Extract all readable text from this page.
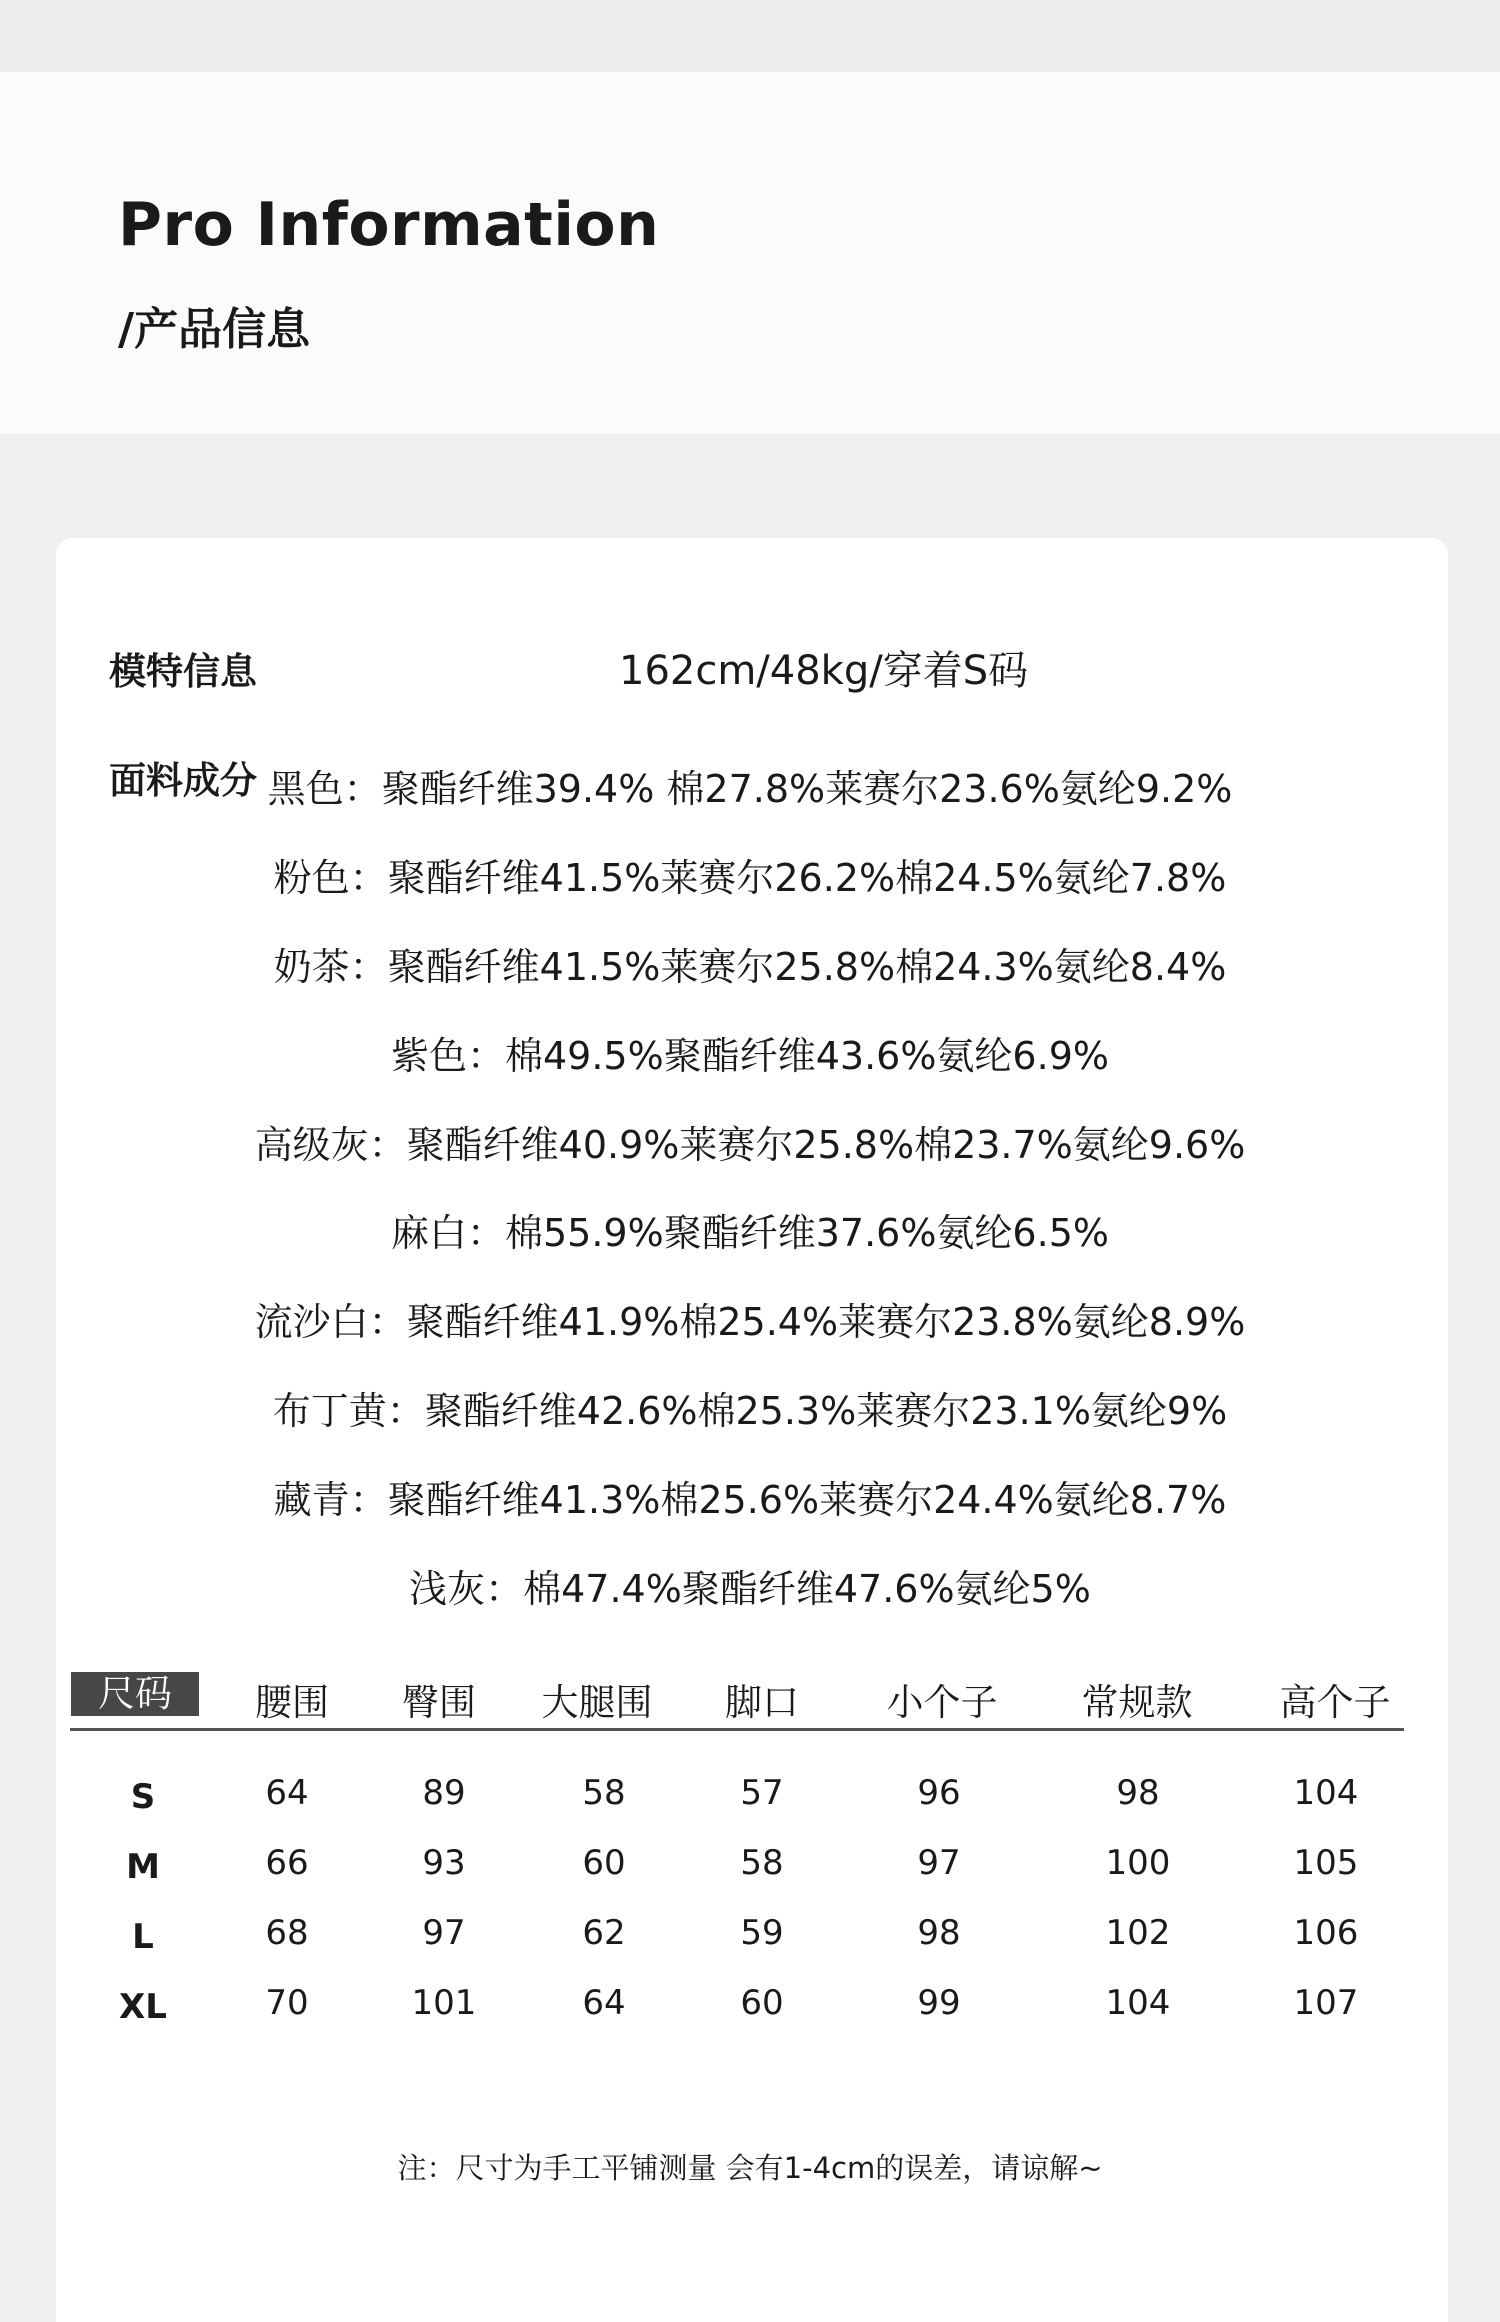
Pro Information
/产品信息
模特信息	162cm/48kg/穿着S码
面料成分 黑色：聚酯纤维39.4% 棉27.8%莱赛尔23.6%氨纶9.2%
粉色：聚酯纤维41.5%莱赛尔26.2%棉24.5%氨纶7.8%
奶茶：聚酯纤维41.5%莱赛尔25.8%棉24.3%氨纶8.4%
紫色：棉49.5%聚酯纤维43.6%氨纶6.9%
高级灰：聚酯纤维40.9%莱赛尔25.8%棉23.7%氨纶9.6%
麻白：棉55.9%聚酯纤维37.6%氨纶6.5%
流沙白：聚酯纤维41.9%棉25.4%莱赛尔23.8%氨纶8.9%
布丁黄：聚酯纤维42.6%棉25.3%莱赛尔23.1%氨纶9%
藏青：聚酯纤维41.3%棉25.6%莱赛尔24.4%氨纶8.7%
浅灰：棉47.4%聚酯纤维47.6%氨纶5%
尺码	腰围	臀围	大腿围	脚口	小个子	常规款	高个子
S	64	89	58	57	96	98	104
M	66	93	60	58	97	100	105
L	68	97	62	59	98	102	106
XL	70	101	64	60	99	104	107
注：尺寸为手工平铺测量 会有1-4cm的误差，请谅解~
